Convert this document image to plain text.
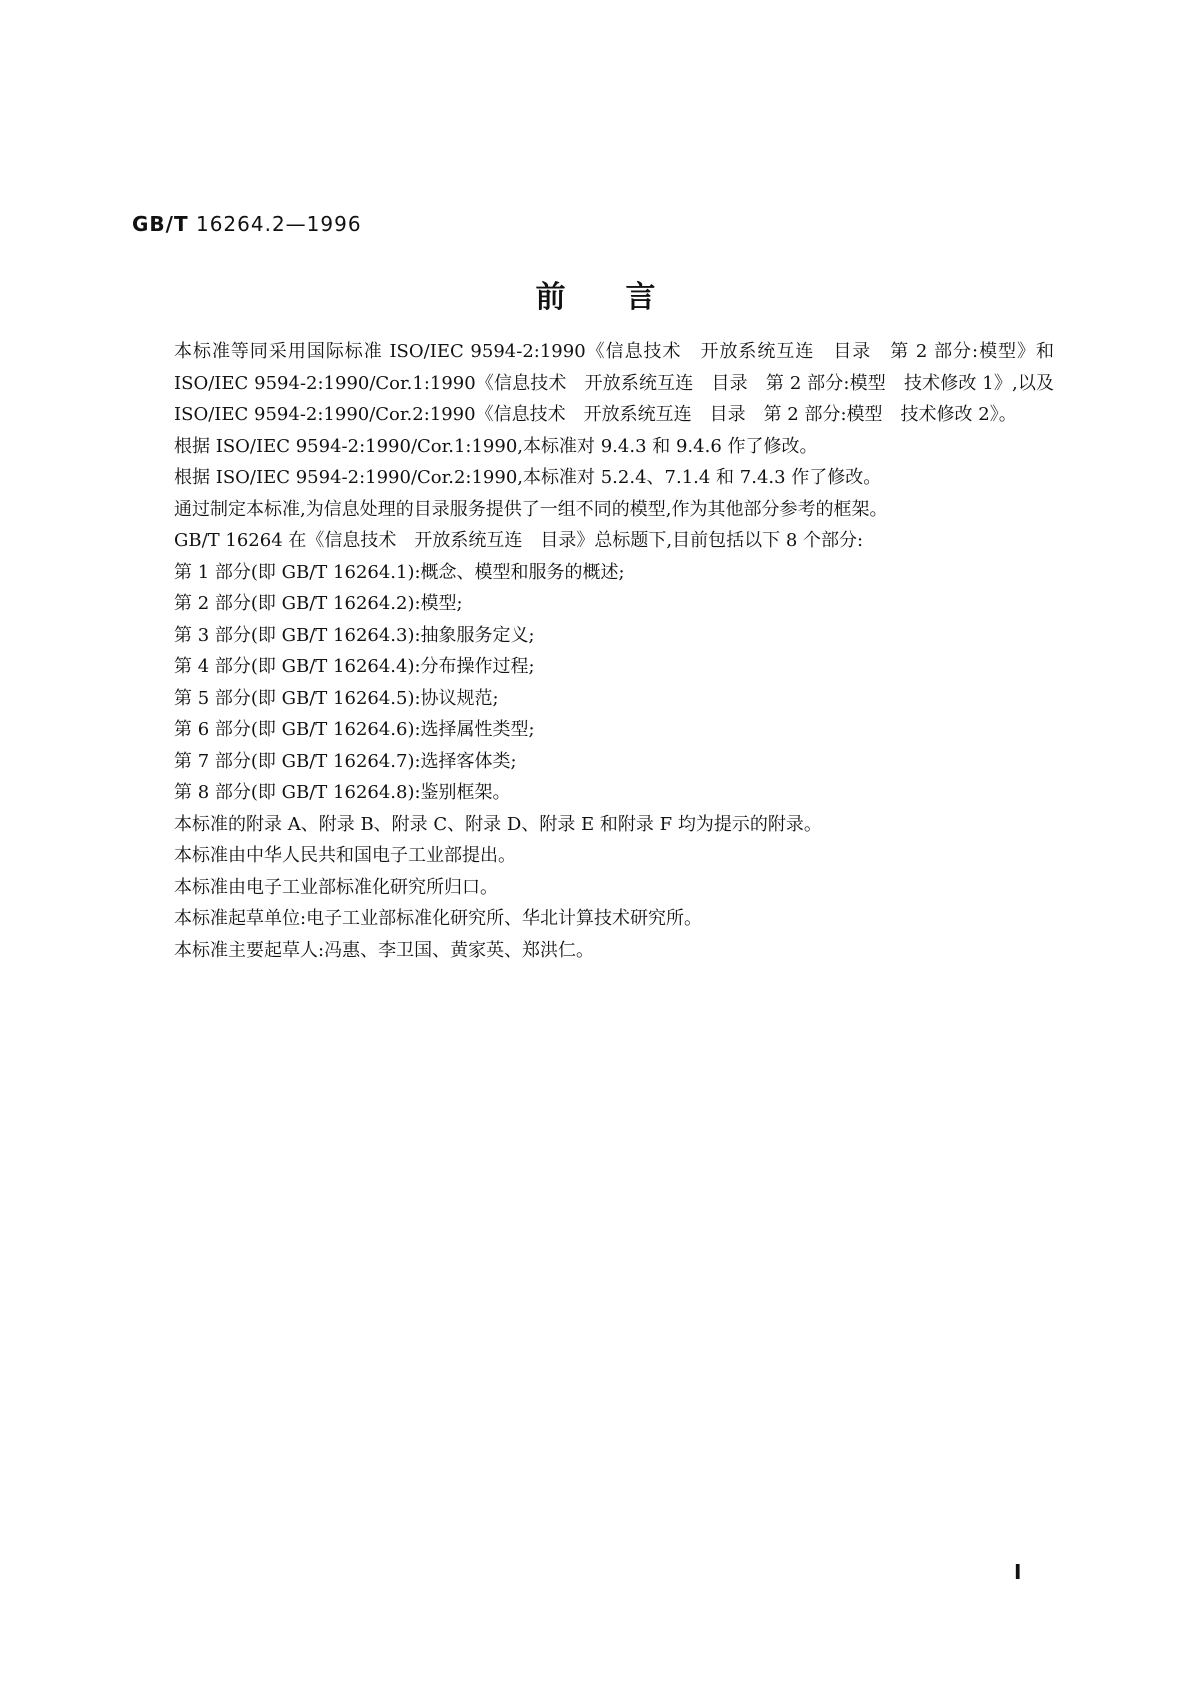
GB/T 16264.2—1996
前言

本标准等同采用国际标准 ISO/IEC 9594-2:1990《信息技术　开放系统互连　目录　第 2 部分:模型》和 ISO/IEC 9594-2:1990/Cor.1:1990《信息技术　开放系统互连　目录　第 2 部分:模型　技术修改 1》,以及 ISO/IEC 9594-2:1990/Cor.2:1990《信息技术　开放系统互连　目录　第 2 部分:模型　技术修改 2》。

根据 ISO/IEC 9594-2:1990/Cor.1:1990,本标准对 9.4.3 和 9.4.6 作了修改。

根据 ISO/IEC 9594-2:1990/Cor.2:1990,本标准对 5.2.4、7.1.4 和 7.4.3 作了修改。

通过制定本标准,为信息处理的目录服务提供了一组不同的模型,作为其他部分参考的框架。

GB/T 16264 在《信息技术　开放系统互连　目录》总标题下,目前包括以下 8 个部分:

第 1 部分(即 GB/T 16264.1):概念、模型和服务的概述;

第 2 部分(即 GB/T 16264.2):模型;

第 3 部分(即 GB/T 16264.3):抽象服务定义;

第 4 部分(即 GB/T 16264.4):分布操作过程;

第 5 部分(即 GB/T 16264.5):协议规范;

第 6 部分(即 GB/T 16264.6):选择属性类型;

第 7 部分(即 GB/T 16264.7):选择客体类;

第 8 部分(即 GB/T 16264.8):鉴别框架。

本标准的附录 A、附录 B、附录 C、附录 D、附录 E 和附录 F 均为提示的附录。

本标准由中华人民共和国电子工业部提出。

本标准由电子工业部标准化研究所归口。

本标准起草单位:电子工业部标准化研究所、华北计算技术研究所。

本标准主要起草人:冯惠、李卫国、黄家英、郑洪仁。

I
